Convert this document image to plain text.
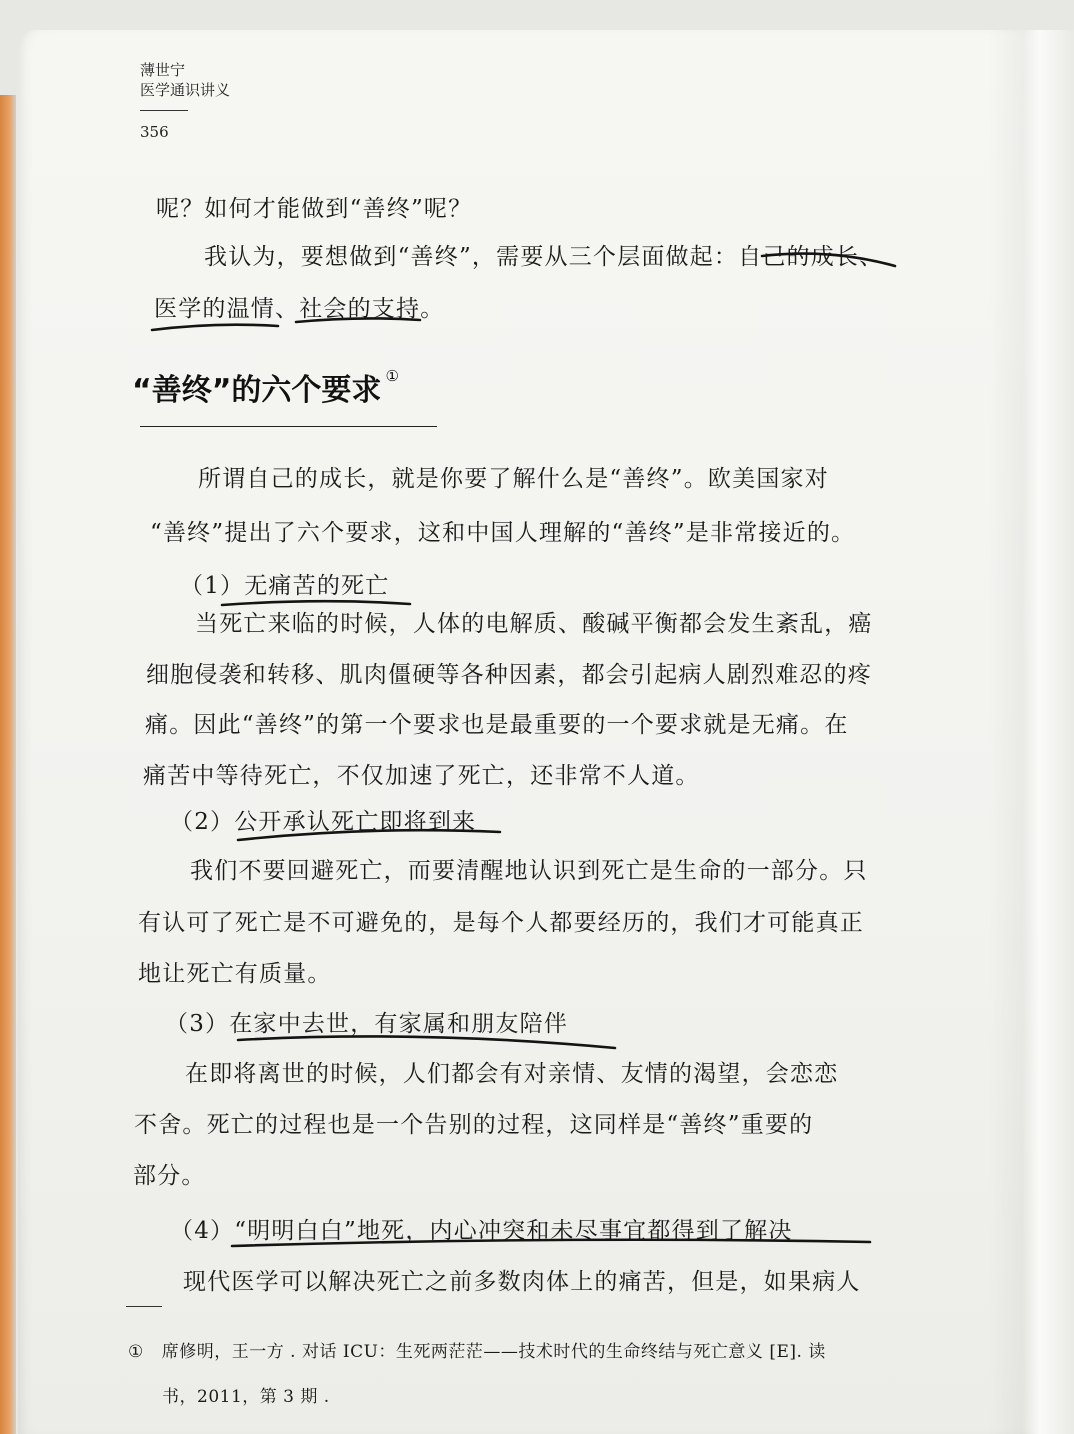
薄世宁
医学通识讲义
356
呢？如何才能做到“善终”呢？
我认为，要想做到“善终”，需要从三个层面做起：自己的成长、
医学的温情、社会的支持。
“善终”的六个要求 ①
所谓自己的成长，就是你要了解什么是“善终”。欧美国家对
“善终”提出了六个要求，这和中国人理解的“善终”是非常接近的。
（1）无痛苦的死亡
当死亡来临的时候，人体的电解质、酸碱平衡都会发生紊乱，癌
细胞侵袭和转移、肌肉僵硬等各种因素，都会引起病人剧烈难忍的疼
痛。因此“善终”的第一个要求也是最重要的一个要求就是无痛。在
痛苦中等待死亡，不仅加速了死亡，还非常不人道。
（2）公开承认死亡即将到来
我们不要回避死亡，而要清醒地认识到死亡是生命的一部分。只
有认可了死亡是不可避免的，是每个人都要经历的，我们才可能真正
地让死亡有质量。
（3）在家中去世，有家属和朋友陪伴
在即将离世的时候，人们都会有对亲情、友情的渴望，会恋恋
不舍。死亡的过程也是一个告别的过程，这同样是“善终”重要的
部分。
（4）“明明白白”地死，内心冲突和未尽事宜都得到了解决
现代医学可以解决死亡之前多数肉体上的痛苦，但是，如果病人
① 席修明，王一方 . 对话 ICU：生死两茫茫——技术时代的生命终结与死亡意义 [E]. 读
书，2011，第 3 期 .
